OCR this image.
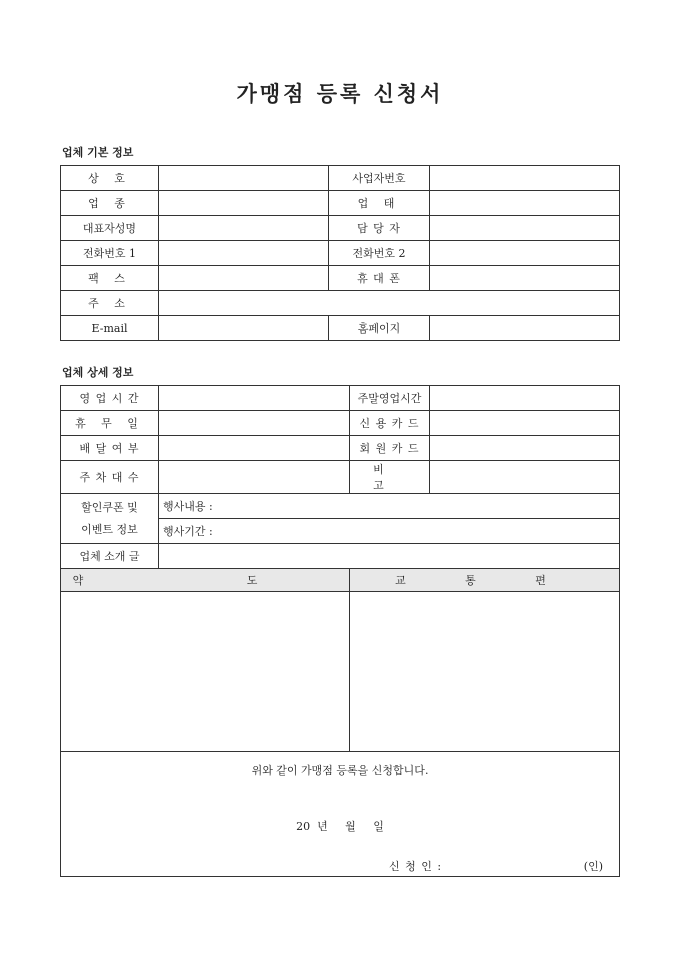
가맹점 등록 신청서
업체 기본 정보
상 호		사업자번호	
업 종		업 태	
대표자성명		담 당 자	
전화번호 1		전화번호 2	
팩 스		휴 대 폰	
주 소			
E-mail		홈페이지	
업체 상세 정보
영 업 시 간		주말영업시간	
휴 무 일		신 용 카 드	
배 달 여 부		회 원 카 드	
주 차 대 수		비 고	

할인쿠폰 및
이벤트 정보	행사내용 :		
	행사기간 :		
업체 소개 글			
약 도		교 통 편	

위와 같이 가맹점 등록을 신청합니다.
20  년     월     일
신 청 인 : (인)			
